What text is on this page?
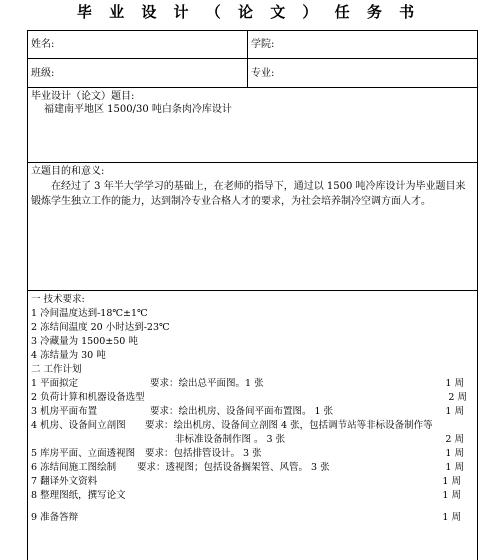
毕 业 设 计 （ 论 文 ） 任 务 书
姓名:	学院:
班级:	专业:
毕业设计（论文）题目:
福建南平地区 1500/30 吨白条肉冷库设计
立题目的和意义:
在经过了 3 年半大学学习的基础上，在老师的指导下，通过以 1500 吨冷库设计为毕业题目来锻炼学生独立工作的能力，达到制冷专业合格人才的要求，为社会培养制冷空调方面人才。
一 技术要求:
1 冷间温度达到-18℃±1℃
2 冻结间温度 20 小时达到-23℃
3 冷藏量为 1500±50 吨
4 冻结量为 30 吨
二 工作计划
1 平面拟定	要求：绘出总平面图。1 张	1 周
2 负荷计算和机器设备选型	2 周
3 机房平面布置	要求：绘出机房、设备间平面布置图。 1 张	1 周
4 机房、设备间立剖图 要求：绘出机房、设备间立剖图 4 张，包括调节站等非标设备制作等
非标准设备制作图 。 3 张	2 周
5 库房平面、立面透视图 要求：包括排管设计。 3 张	1 周
6 冻结间施工图绘制 要求：透视图；包括设备搁架管、风管。 3 张	1 周
7 翻译外文资料	1 周
8 整理图纸，撰写论文	1 周
9 准备答辩	1 周
